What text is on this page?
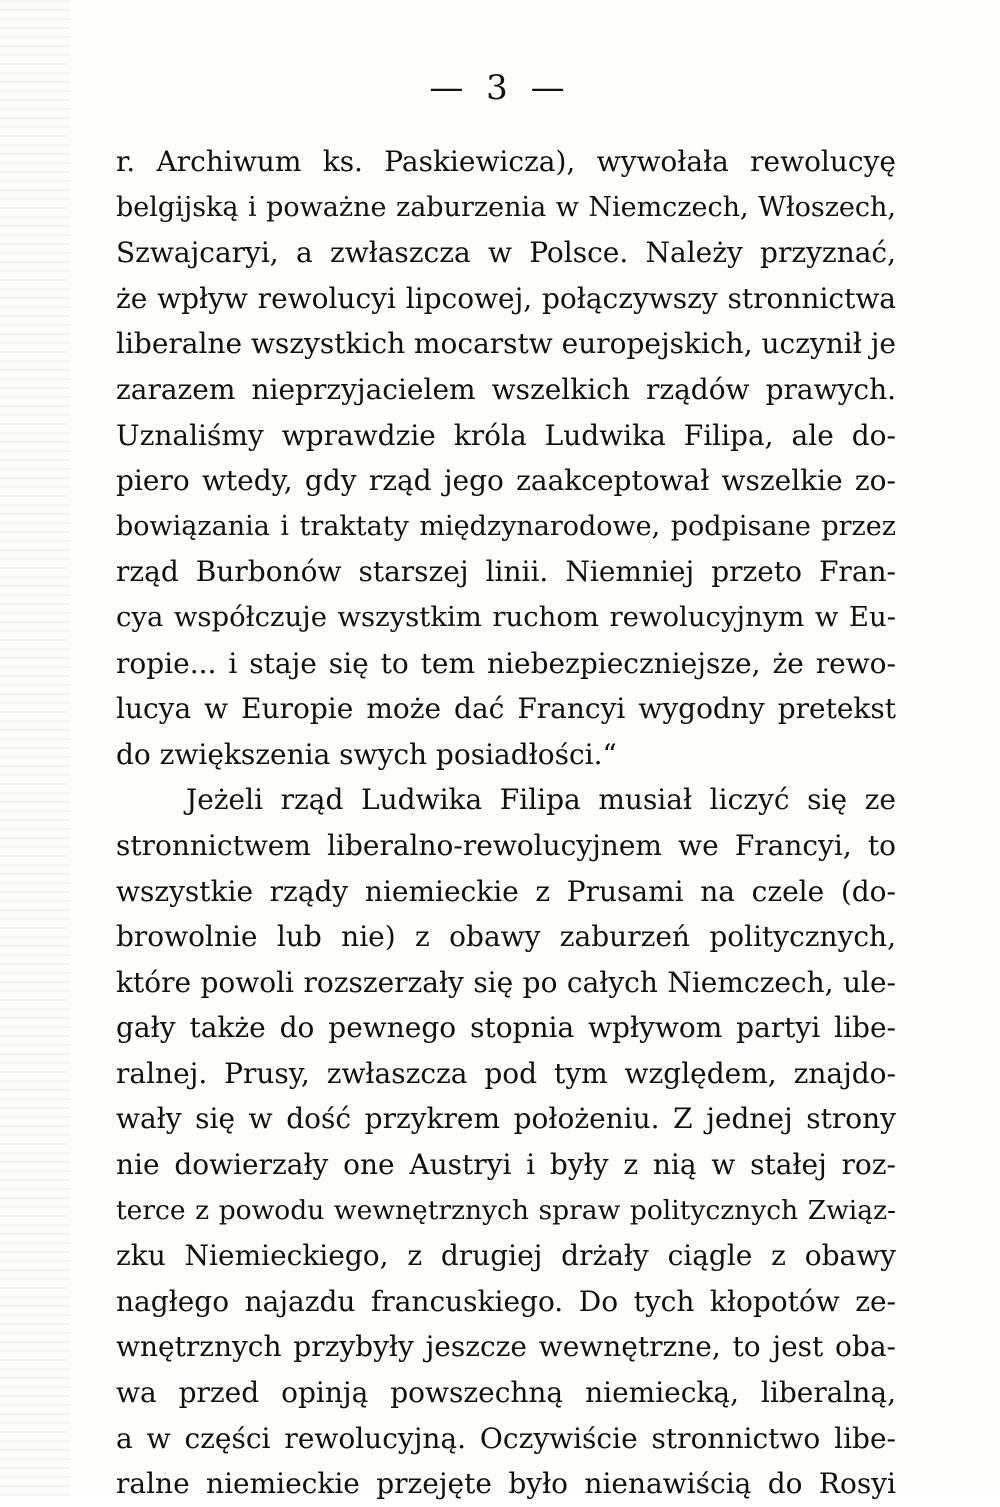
— 3 —
r. Archiwum ks. Paskiewicza), wywołała rewolucyę
belgijską i poważne zaburzenia w Niemczech, Włoszech,
Szwajcaryi, a zwłaszcza w Polsce. Należy przyznać,
że wpływ rewolucyi lipcowej, połączywszy stronnictwa
liberalne wszystkich mocarstw europejskich, uczynił je
zarazem nieprzyjacielem wszelkich rządów prawych.
Uznaliśmy wprawdzie króla Ludwika Filipa, ale do-
piero wtedy, gdy rząd jego zaakceptował wszelkie zo-
bowiązania i traktaty międzynarodowe, podpisane przez
rząd Burbonów starszej linii. Niemniej przeto Fran-
cya współczuje wszystkim ruchom rewolucyjnym w Eu-
ropie... i staje się to tem niebezpieczniejsze, że rewo-
lucya w Europie może dać Francyi wygodny pretekst
do zwiększenia swych posiadłości.“
Jeżeli rząd Ludwika Filipa musiał liczyć się ze
stronnictwem liberalno-rewolucyjnem we Francyi, to
wszystkie rządy niemieckie z Prusami na czele (do-
browolnie lub nie) z obawy zaburzeń politycznych,
które powoli rozszerzały się po całych Niemczech, ule-
gały także do pewnego stopnia wpływom partyi libe-
ralnej. Prusy, zwłaszcza pod tym względem, znajdo-
wały się w dość przykrem położeniu. Z jednej strony
nie dowierzały one Austryi i były z nią w stałej roz-
terce z powodu wewnętrznych spraw politycznych Związ-
zku Niemieckiego, z drugiej drżały ciągle z obawy
nagłego najazdu francuskiego. Do tych kłopotów ze-
wnętrznych przybyły jeszcze wewnętrzne, to jest oba-
wa przed opinją powszechną niemiecką, liberalną,
a w części rewolucyjną. Oczywiście stronnictwo libe-
ralne niemieckie przejęte było nienawiścią do Rosyi
